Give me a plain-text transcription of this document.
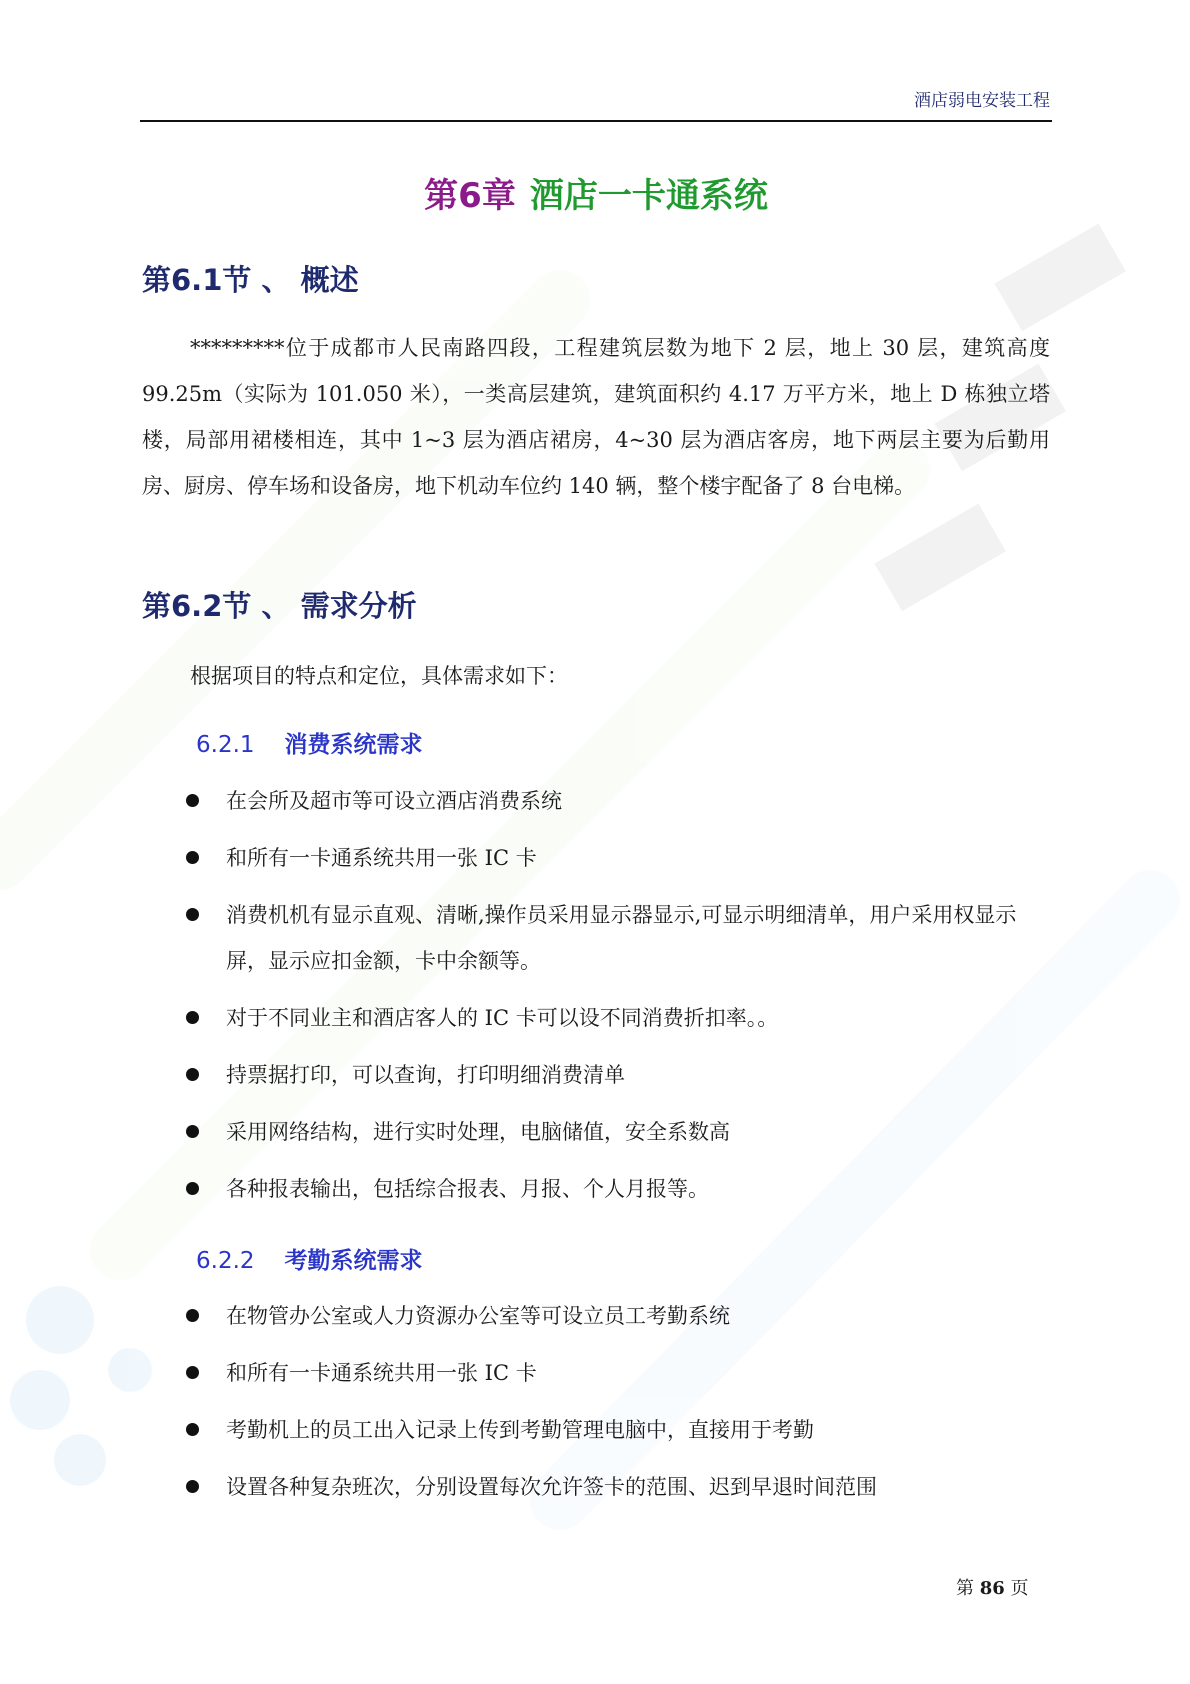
酒店弱电安装工程
第6章 酒店一卡通系统
第6.1节 、 概述

*********位于成都市人民南路四段，工程建筑层数为地下 2 层，地上 30 层，建筑高度 99.25m（实际为 101.050 米），一类高层建筑，建筑面积约 4.17 万平方米，地上 D 栋独立塔楼，局部用裙楼相连，其中 1~3 层为酒店裙房，4~30 层为酒店客房，地下两层主要为后勤用房、厨房、停车场和设备房，地下机动车位约 140 辆，整个楼宇配备了 8 台电梯。

第6.2节 、 需求分析
根据项目的特点和定位，具体需求如下：
6.2.1 消费系统需求
在会所及超市等可设立酒店消费系统
和所有一卡通系统共用一张 IC 卡
消费机机有显示直观、清晰,操作员采用显示器显示,可显示明细清单，用户采用权显示屏，显示应扣金额，卡中余额等。
对于不同业主和酒店客人的 IC 卡可以设不同消费折扣率。。
持票据打印，可以查询，打印明细消费清单
采用网络结构，进行实时处理，电脑储值，安全系数高
各种报表输出，包括综合报表、月报、个人月报等。
6.2.2 考勤系统需求
在物管办公室或人力资源办公室等可设立员工考勤系统
和所有一卡通系统共用一张 IC 卡
考勤机上的员工出入记录上传到考勤管理电脑中，直接用于考勤
设置各种复杂班次，分别设置每次允许签卡的范围、迟到早退时间范围
第 86 页
